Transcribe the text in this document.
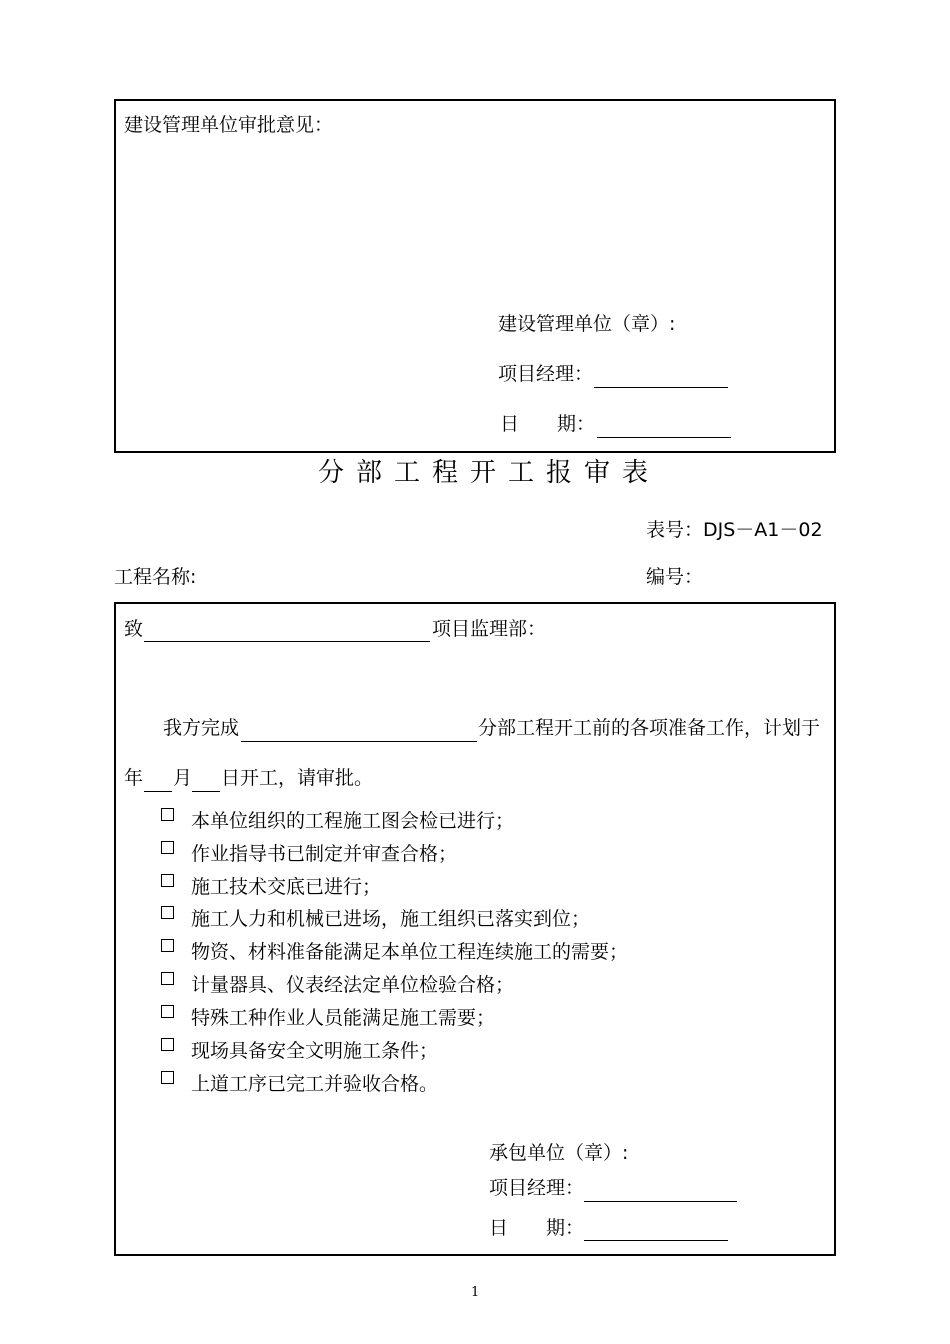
建设管理单位审批意见：
建设管理单位（章）:
项目经理：
日　　期：
分部工程开工报审表
表号：DJS－A1－02
工程名称:	编号：
致	项目监理部：
我方完成	分部工程开工前的各项准备工作，计划于
年 月 日开工，请审批。
本单位组织的工程施工图会检已进行；
作业指导书已制定并审查合格；
施工技术交底已进行；
施工人力和机械已进场，施工组织已落实到位；
物资、材料准备能满足本单位工程连续施工的需要；
计量器具、仪表经法定单位检验合格；
特殊工种作业人员能满足施工需要；
现场具备安全文明施工条件；
上道工序已完工并验收合格。
承包单位（章）:
项目经理：
日　　期：
1
